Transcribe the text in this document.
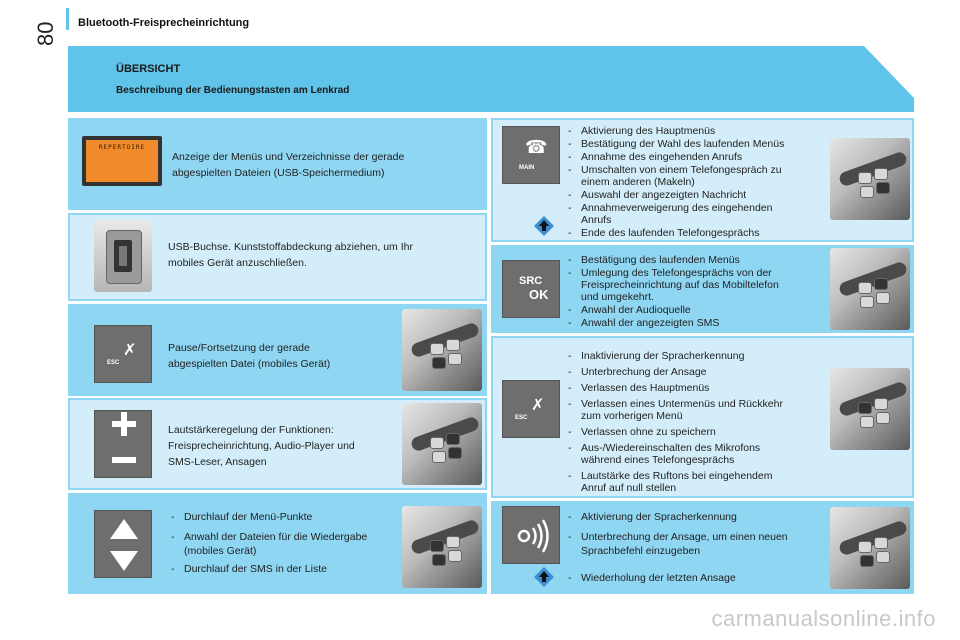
80 Bluetooth-Freisprecheinrichtung
ÜBERSICHT
Beschreibung der Bedienungstasten am Lenkrad
REPERTOIRE
Anzeige der Menüs und Verzeichnisse der gerade
abgespielten Dateien (USB-Speichermedium)
USB-Buchse. Kunststoffabdeckung abziehen, um Ihr
mobiles Gerät anzuschließen.
✗
ESC
Pause/Fortsetzung der gerade
abgespielten Datei (mobiles Gerät)
Lautstärkeregelung der Funktionen:
Freisprecheinrichtung, Audio-Player und
SMS-Leser, Ansagen
- Durchlauf der Menü-Punkte
- Anwahl der Dateien für die Wiedergabe
(mobiles Gerät)
- Durchlauf der SMS in der Liste
☎
MAIN
- Aktivierung des Hauptmenüs
- Bestätigung der Wahl des laufenden Menüs
- Annahme des eingehenden Anrufs
- Umschalten von einem Telefongespräch zu
einem anderen (Makeln)
- Auswahl der angezeigten Nachricht
- Annahmeverweigerung des eingehenden
Anrufs
- Ende des laufenden Telefongesprächs
SRC
OK
- Bestätigung des laufenden Menüs
- Umlegung des Telefongesprächs von der
Freisprecheinrichtung auf das Mobiltelefon
und umgekehrt.
- Anwahl der Audioquelle
- Anwahl der angezeigten SMS
✗
ESC
- Inaktivierung der Spracherkennung
- Unterbrechung der Ansage
- Verlassen des Hauptmenüs
- Verlassen eines Untermenüs und Rückkehr
zum vorherigen Menü
- Verlassen ohne zu speichern
- Aus-/Wiedereinschalten des Mikrofons
während eines Telefongesprächs
- Lautstärke des Ruftons bei eingehendem
Anruf auf null stellen
- Aktivierung der Spracherkennung
- Unterbrechung der Ansage, um einen neuen
Sprachbefehl einzugeben
- Wiederholung der letzten Ansage
carmanualsonline.info
